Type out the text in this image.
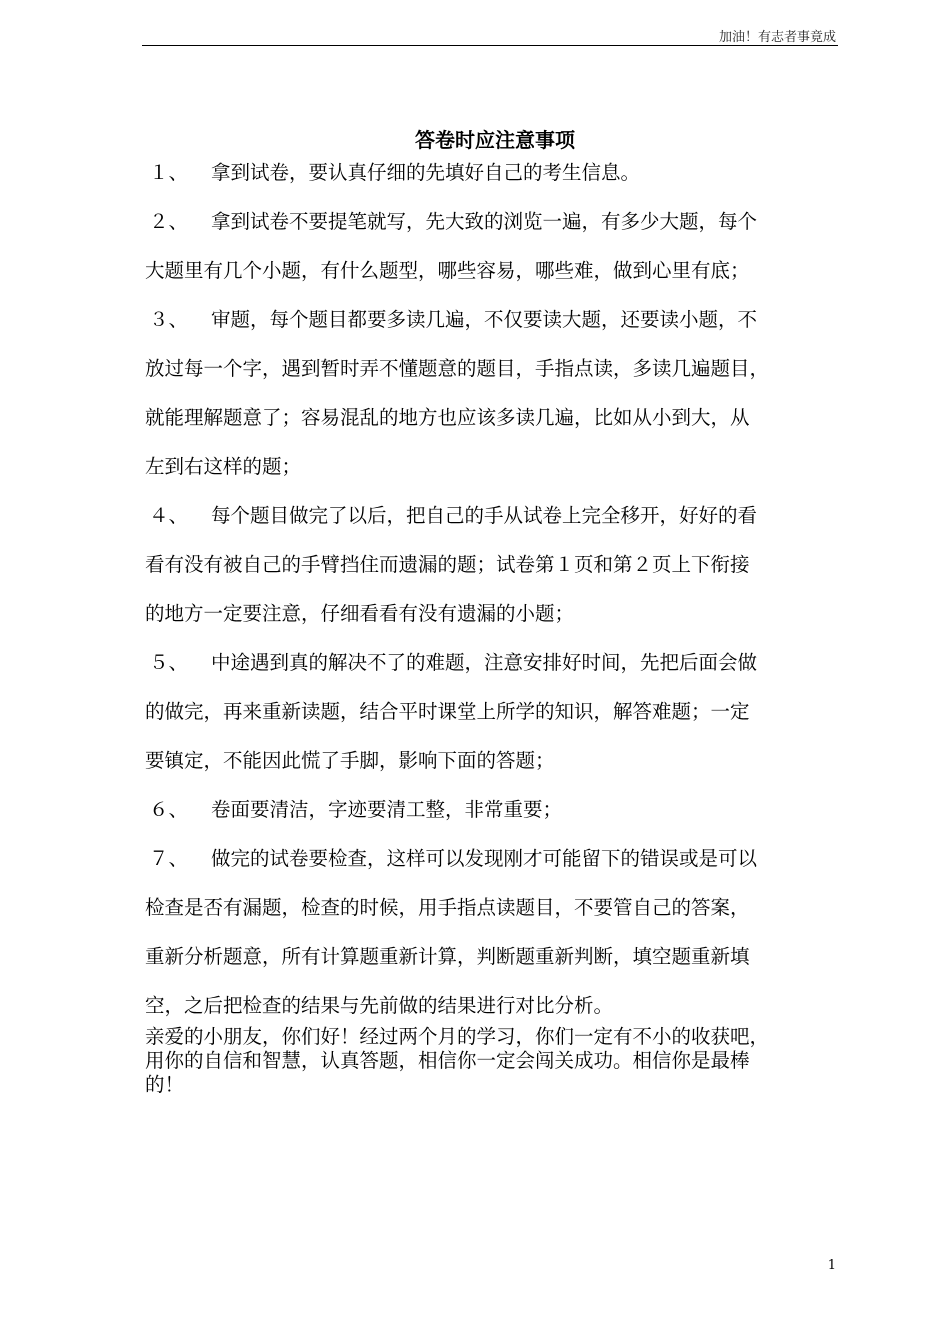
加油！有志者事竟成
答卷时应注意事项
１、 拿到试卷，要认真仔细的先填好自己的考生信息。
２、 拿到试卷不要提笔就写，先大致的浏览一遍，有多少大题，每个
大题里有几个小题，有什么题型，哪些容易，哪些难，做到心里有底；
３、 审题，每个题目都要多读几遍，不仅要读大题，还要读小题，不
放过每一个字，遇到暂时弄不懂题意的题目，手指点读，多读几遍题目，
就能理解题意了；容易混乱的地方也应该多读几遍，比如从小到大，从
左到右这样的题；
４、 每个题目做完了以后，把自己的手从试卷上完全移开，好好的看
看有没有被自己的手臂挡住而遗漏的题；试卷第１页和第２页上下衔接
的地方一定要注意，仔细看看有没有遗漏的小题；
５、 中途遇到真的解决不了的难题，注意安排好时间，先把后面会做
的做完，再来重新读题，结合平时课堂上所学的知识，解答难题；一定
要镇定，不能因此慌了手脚，影响下面的答题；
６、 卷面要清洁，字迹要清工整，非常重要；
７、 做完的试卷要检查，这样可以发现刚才可能留下的错误或是可以
检查是否有漏题，检查的时候，用手指点读题目，不要管自己的答案，
重新分析题意，所有计算题重新计算，判断题重新判断，填空题重新填
空，之后把检查的结果与先前做的结果进行对比分析。
亲爱的小朋友，你们好！经过两个月的学习，你们一定有不小的收获吧，
用你的自信和智慧，认真答题，相信你一定会闯关成功。相信你是最棒
的！
1
